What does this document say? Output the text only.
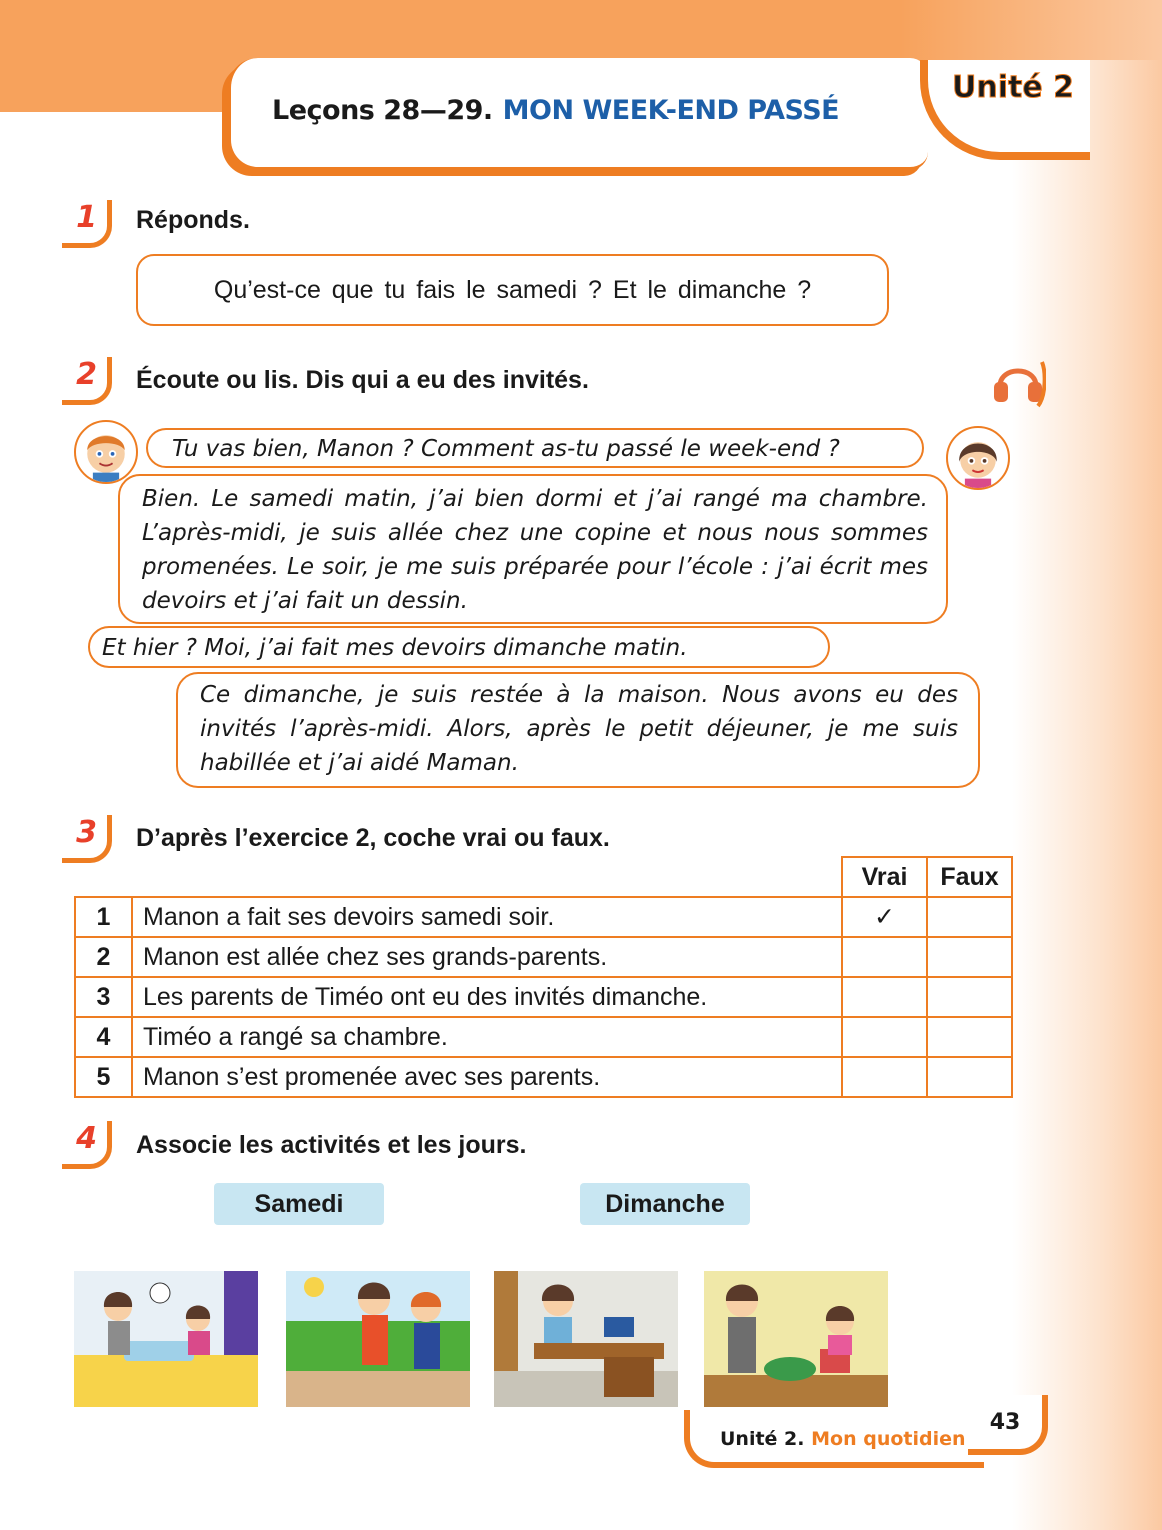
Leçons 28—29. MON WEEK-END PASSÉ
Unité 2
1 Réponds.
Qu’est-ce que tu fais le samedi ? Et le dimanche ?
2 Écoute ou lis. Dis qui a eu des invités.

Tu vas bien, Manon ? Comment as-tu passé le week-end ?

Bien. Le samedi matin, j’ai bien dormi et j’ai rangé ma chambre. L’après-midi, je suis allée chez une copine et nous nous sommes promenées. Le soir, je me suis préparée pour l’école : j’ai écrit mes devoirs et j’ai fait un dessin.

Et hier ? Moi, j’ai fait mes devoirs dimanche matin.

Ce dimanche, je suis restée à la maison. Nous avons eu des invités l’après-midi. Alors, après le petit déjeuner, je me suis habillée et j’ai aidé Maman.

3 D’après l’exercice 2, coche vrai ou faux.
		Vrai	Faux
1	Manon a fait ses devoirs samedi soir.	✓	
2	Manon est allée chez ses grands-parents.		
3	Les parents de Timéo ont eu des invités dimanche.		
4	Timéo a rangé sa chambre.		
5	Manon s’est promenée avec ses parents.		
4 Associe les activités et les jours.
Samedi	Dimanche
Unité 2. Mon quotidien
43
